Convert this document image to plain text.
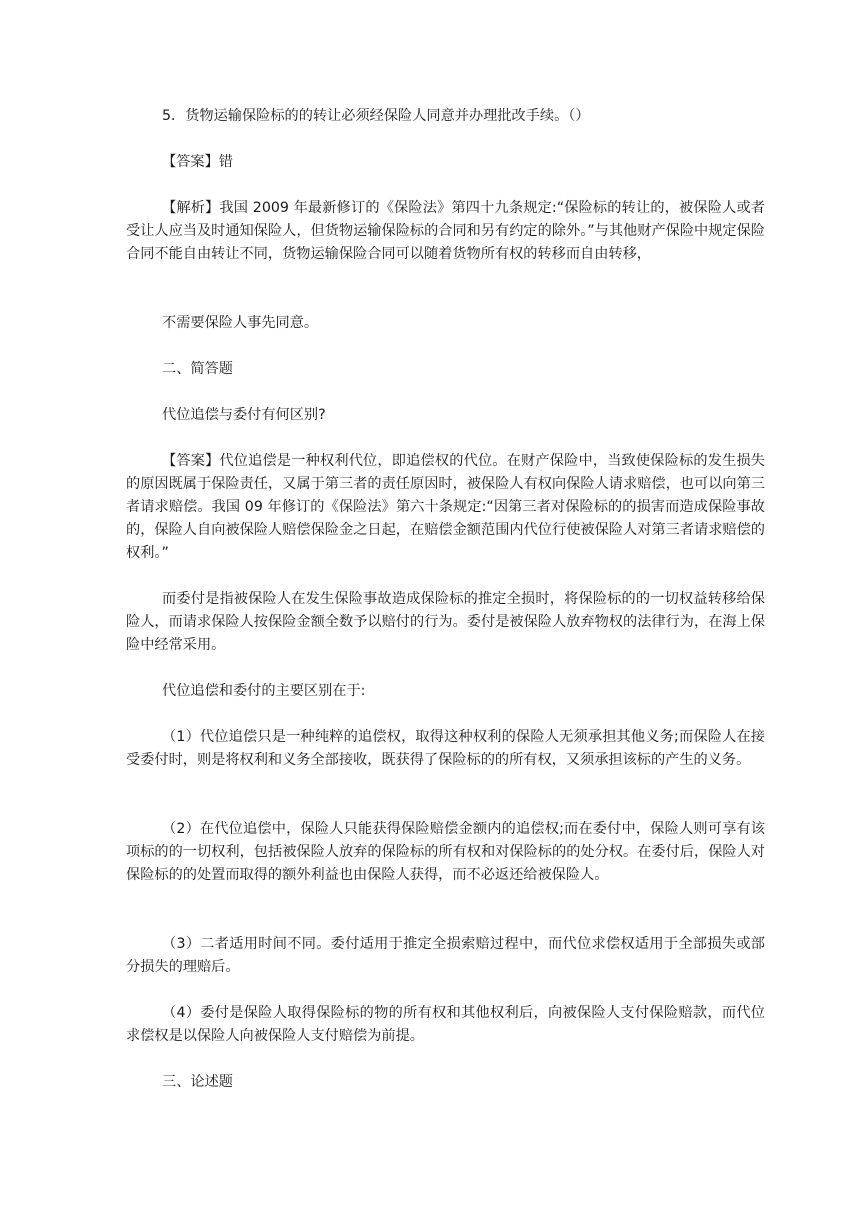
5．货物运输保险标的的转让必须经保险人同意并办理批改手续。（）

【答案】错

【解析】我国 2009 年最新修订的《保险法》第四十九条规定:“保险标的转让的，被保险人或者受让人应当及时通知保险人，但货物运输保险标的合同和另有约定的除外。”与其他财产保险中规定保险合同不能自由转让不同，货物运输保险合同可以随着货物所有权的转移而自由转移，

不需要保险人事先同意。

二、简答题

代位追偿与委付有何区别?

【答案】代位追偿是一种权利代位，即追偿权的代位。在财产保险中，当致使保险标的发生损失的原因既属于保险责任，又属于第三者的责任原因时，被保险人有权向保险人请求赔偿，也可以向第三者请求赔偿。我国 09 年修订的《保险法》第六十条规定:“因第三者对保险标的的损害而造成保险事故的，保险人自向被保险人赔偿保险金之日起，在赔偿金额范围内代位行使被保险人对第三者请求赔偿的权利。”

而委付是指被保险人在发生保险事故造成保险标的推定全损时，将保险标的的一切权益转移给保险人，而请求保险人按保险金额全数予以赔付的行为。委付是被保险人放弃物权的法律行为，在海上保险中经常采用。

代位追偿和委付的主要区别在于:

（1）代位追偿只是一种纯粹的追偿权，取得这种权利的保险人无须承担其他义务;而保险人在接受委付时，则是将权利和义务全部接收，既获得了保险标的的所有权，又须承担该标的产生的义务。

（2）在代位追偿中，保险人只能获得保险赔偿金额内的追偿权;而在委付中，保险人则可享有该项标的的一切权利，包括被保险人放弃的保险标的所有权和对保险标的的处分权。在委付后，保险人对保险标的的处置而取得的额外利益也由保险人获得，而不必返还给被保险人。

（3）二者适用时间不同。委付适用于推定全损索赔过程中，而代位求偿权适用于全部损失或部分损失的理赔后。

（4）委付是保险人取得保险标的物的所有权和其他权利后，向被保险人支付保险赔款，而代位求偿权是以保险人向被保险人支付赔偿为前提。

三、论述题
